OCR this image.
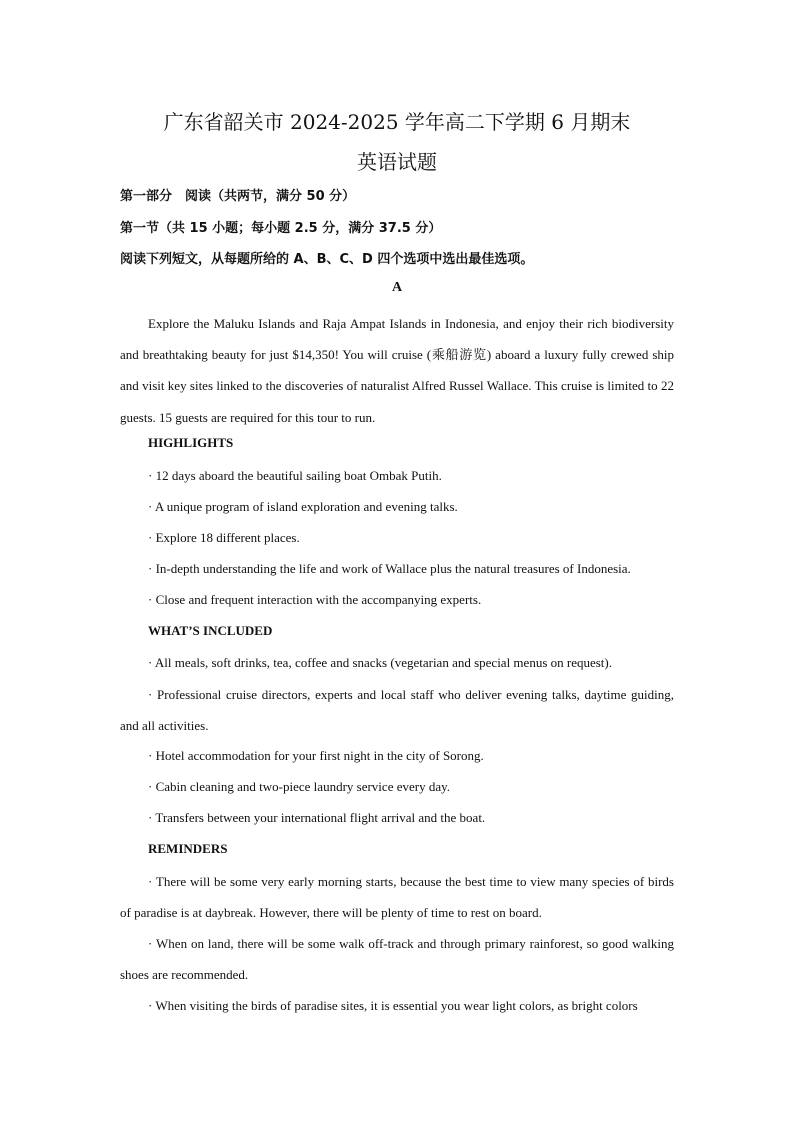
广东省韶关市 2024-2025 学年高二下学期 6 月期末
英语试题
第一部分　阅读（共两节，满分 50 分）
第一节（共 15 小题；每小题 2.5 分，满分 37.5 分）
阅读下列短文，从每题所给的 A、B、C、D 四个选项中选出最佳选项。
A

Explore the Maluku Islands and Raja Ampat Islands in Indonesia, and enjoy their rich biodiversity and breathtaking beauty for just $14,350! You will cruise (乘船游览) aboard a luxury fully crewed ship and visit key sites linked to the discoveries of naturalist Alfred Russel Wallace. This cruise is limited to 22 guests. 15 guests are required for this tour to run.

HIGHLIGHTS

· 12 days aboard the beautiful sailing boat Ombak Putih.

· A unique program of island exploration and evening talks.

· Explore 18 different places.

· In-depth understanding the life and work of Wallace plus the natural treasures of Indonesia.

· Close and frequent interaction with the accompanying experts.

WHAT’S INCLUDED

· All meals, soft drinks, tea, coffee and snacks (vegetarian and special menus on request).

· Professional cruise directors, experts and local staff who deliver evening talks, daytime guiding, and all activities.

· Hotel accommodation for your first night in the city of Sorong.

· Cabin cleaning and two-piece laundry service every day.

· Transfers between your international flight arrival and the boat.

REMINDERS

· There will be some very early morning starts, because the best time to view many species of birds of paradise is at daybreak. However, there will be plenty of time to rest on board.

· When on land, there will be some walk off-track and through primary rainforest, so good walking shoes are recommended.

· When visiting the birds of paradise sites, it is essential you wear light colors, as bright colors
